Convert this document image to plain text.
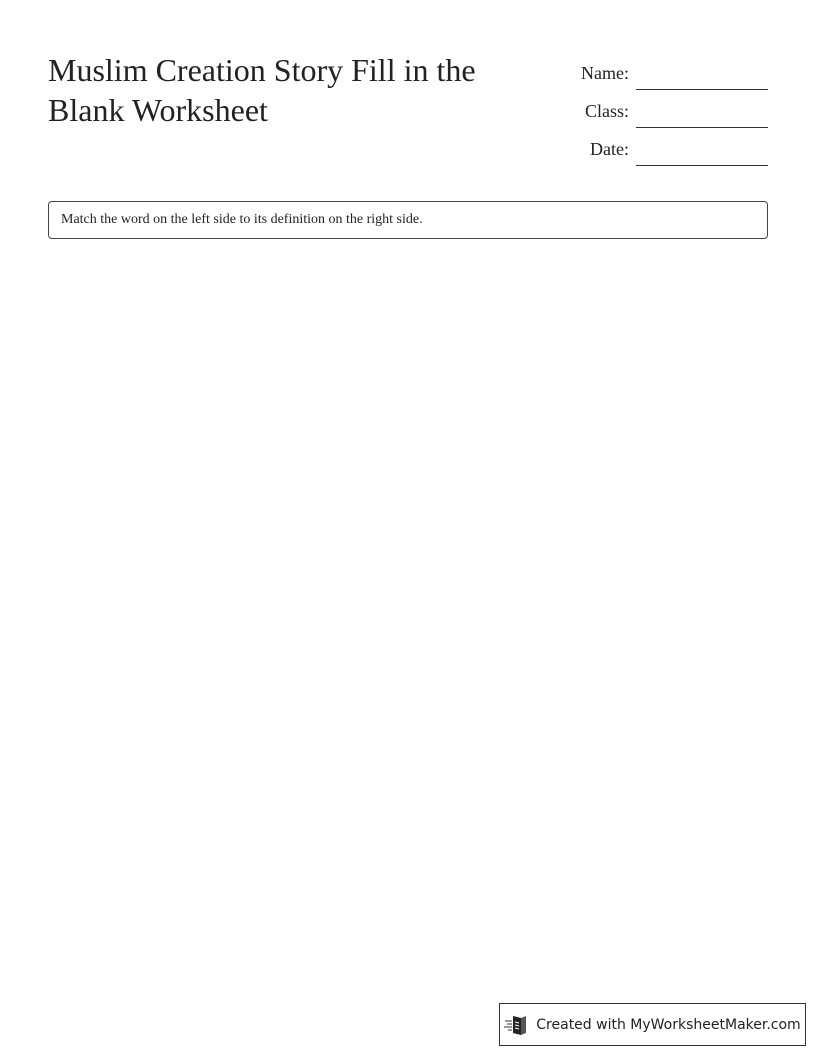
Muslim Creation Story Fill in the Blank Worksheet
Name:
Class:
Date:
Match the word on the left side to its definition on the right side.
Created with MyWorksheetMaker.com
